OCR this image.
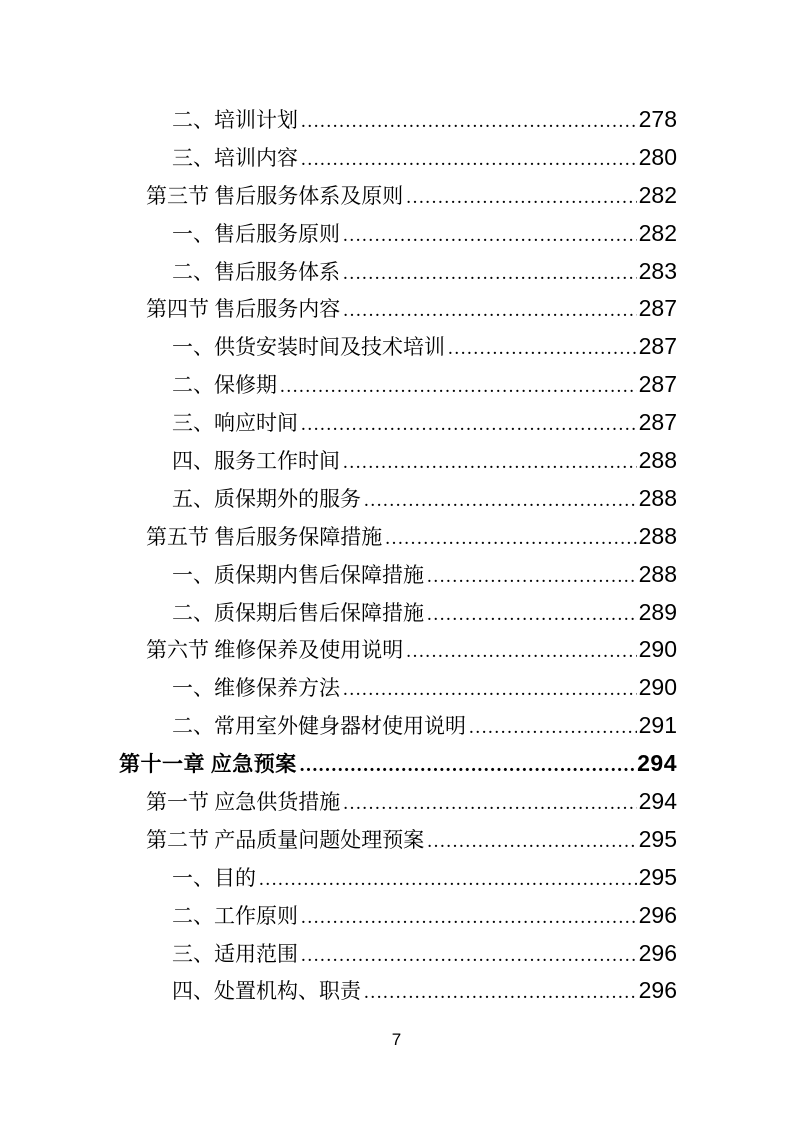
二、培训计划 .....	278
三、培训内容 .....	280
第三节 售后服务体系及原则 .....	282
一、售后服务原则 .....	282
二、售后服务体系 .....	283
第四节 售后服务内容 .....	287
一、供货安装时间及技术培训 .....	287
二、保修期 .....	287
三、响应时间 .....	287
四、服务工作时间 .....	288
五、质保期外的服务 .....	288
第五节 售后服务保障措施 .....	288
一、质保期内售后保障措施 .....	288
二、质保期后售后保障措施 .....	289
第六节 维修保养及使用说明 .....	290
一、维修保养方法 .....	290
二、常用室外健身器材使用说明 .....	291
第十一章 应急预案 .....	294
第一节 应急供货措施 .....	294
第二节 产品质量问题处理预案 .....	295
一、目的 .....	295
二、工作原则 .....	296
三、适用范围 .....	296
四、处置机构、职责 .....	296
7
